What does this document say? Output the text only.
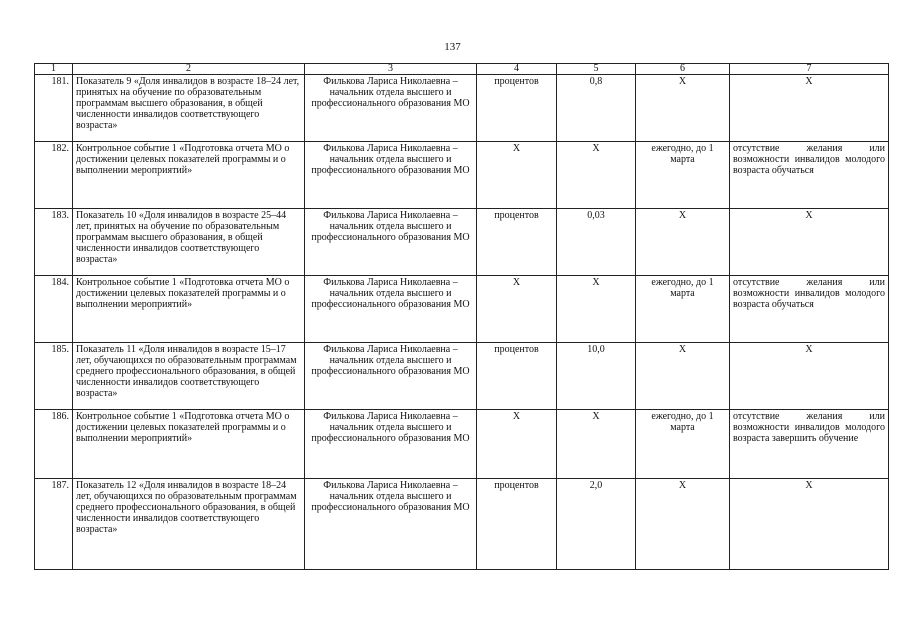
137
1	2	3	4	5	6	7
181.	Показатель 9 «Доля инвалидов в возрасте 18–24 лет, принятых на обучение по образовательным программам высшего образования, в общей численности инвалидов соответствующего возраста»	Филькова Лариса Николаевна – начальник отдела высшего и профессионального образования МО	процентов	0,8	Х	Х
182.	Контрольное событие 1 «Подготовка отчета МО о достижении целевых показателей программы и о выполнении мероприятий»	Филькова Лариса Николаевна – начальник отдела высшего и профессионального образования МО	Х	Х	ежегодно, до 1 марта	отсутствие желания или возможности инвалидов молодого возраста обучаться
183.	Показатель 10 «Доля инвалидов в возрасте 25–44 лет, принятых на обучение по образовательным программам высшего образования, в общей численности инвалидов соответствующего возраста»	Филькова Лариса Николаевна – начальник отдела высшего и профессионального образования МО	процентов	0,03	Х	Х
184.	Контрольное событие 1 «Подготовка отчета МО о достижении целевых показателей программы и о выполнении мероприятий»	Филькова Лариса Николаевна – начальник отдела высшего и профессионального образования МО	Х	Х	ежегодно, до 1 марта	отсутствие желания или возможности инвалидов молодого возраста обучаться
185.	Показатель 11 «Доля инвалидов в возрасте 15–17 лет, обучающихся по образовательным программам среднего профессионального образования, в общей численности инвалидов соответствующего возраста»	Филькова Лариса Николаевна – начальник отдела высшего и профессионального образования МО	процентов	10,0	Х	Х
186.	Контрольное событие 1 «Подготовка отчета МО о достижении целевых показателей программы и о выполнении мероприятий»	Филькова Лариса Николаевна – начальник отдела высшего и профессионального образования МО	Х	Х	ежегодно, до 1 марта	отсутствие желания или возможности инвалидов молодого возраста завершить обучение
187.	Показатель 12 «Доля инвалидов в возрасте 18–24 лет, обучающихся по образовательным программам среднего профессионального образования, в общей численности инвалидов соответствующего возраста»	Филькова Лариса Николаевна – начальник отдела высшего и профессионального образования МО	процентов	2,0	Х	Х
